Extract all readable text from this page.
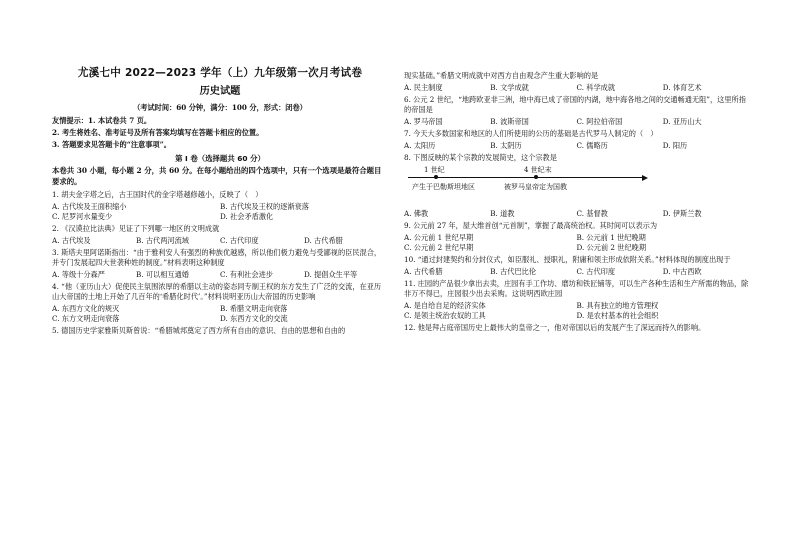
尤溪七中 2022—2023 学年（上）九年级第一次月考试卷
历史试题
（考试时间：60 分钟，满分：100 分，形式：闭卷）
友情提示：1. 本试卷共 7 页。
2. 考生将姓名、准考证号及所有答案均填写在答题卡相应的位置。
3. 答题要求见答题卡的“注意事项”。
第 I 卷（选择题共 60 分）
本卷共 30 小题，每小题 2 分，共 60 分。在每小题给出的四个选项中，只有一个选项是最符合题目要求的。
1. 胡夫金字塔之后，古王国时代的金字塔越修越小，反映了（　）
A. 古代埃及王面积缩小	B. 古代埃及王权的逐渐衰落
C. 尼罗河水量变少	D. 社会矛盾激化
2. 《汉谟拉比法典》见证了下列哪一地区的文明成就
A. 古代埃及	B. 古代两河流域	C. 古代印度	D. 古代希腊
3. 斯塔夫里阿诺斯指出：“由于雅利安人有强烈的种族优越感，所以他们极力避免与受鄙视的臣民混合，并专门发展起四大世袭种姓的制度。”材料表明这种制度
A. 等级十分森严	B. 可以相互通婚	C. 有利社会进步	D. 提倡众生平等
4. “他（亚历山大）促使民主氛围浓厚的希腊以主动的姿态同专制王权的东方发生了广泛的交流，在亚历山大帝国的土地上开始了几百年的‘希腊化时代’。”材料说明亚历山大帝国的历史影响
A. 东西方文化的规灭	B. 希腊文明走向衰落
C. 东方文明走向衰落	D. 东西方文化的交流
5. 德国历史学家雅斯贝斯曾说：“希腊城邦奠定了西方所有自由的意识、自由的思想和自由的
现实基础。”希腊文明成就中对西方自由观念产生重大影响的是
A. 民主制度	B. 文学成就	C. 科学成就	D. 体育艺术
6. 公元 2 世纪，“地跨欧亚非三洲，地中海已成了帝国的内湖，地中海各地之间的交通畅通无阻”，这里所指的帝国是
A. 罗马帝国	B. 波斯帝国	C. 阿拉伯帝国	D. 亚历山大
7. 今天大多数国家和地区的人们所使用的公历的基础是古代罗马人制定的（　）
A. 太阳历	B. 太阴历	C. 儒略历	D. 阳历
8. 下图反映的某个宗教的发展简史，这个宗教是
1 世纪	4 世纪末
产生于巴勒斯坦地区	被罗马皇帝定为国教
A. 佛教	B. 道教	C. 基督教	D. 伊斯兰教
9. 公元前 27 年，屋大维首创“元首制”，掌握了最高统治权。其时间可以表示为
A. 公元前 1 世纪早期	B. 公元前 1 世纪晚期
C. 公元前 2 世纪早期	D. 公元前 2 世纪晚期
10. “通过封建契约和分封仪式，如臣服礼、授职礼，附庸和领主形成依附关系。”材料体现的制度出现于
A. 古代希腊	B. 古代巴比伦	C. 古代印度	D. 中古西欧
11. 庄园的产品很少拿出去卖，庄园有手工作坊、磨坊和铁匠铺等，可以生产各种生活和生产所需的物品，除非万不得已，庄园很少出去采购。这说明西欧庄园
A. 是自给自足的经济实体	B. 具有独立的地方管理权
C. 是领主统治农奴的工具	D. 是农村基本的社会组织
12. 他是拜占庭帝国历史上最伟大的皇帝之一，他对帝国以后的发展产生了深远而持久的影响。
